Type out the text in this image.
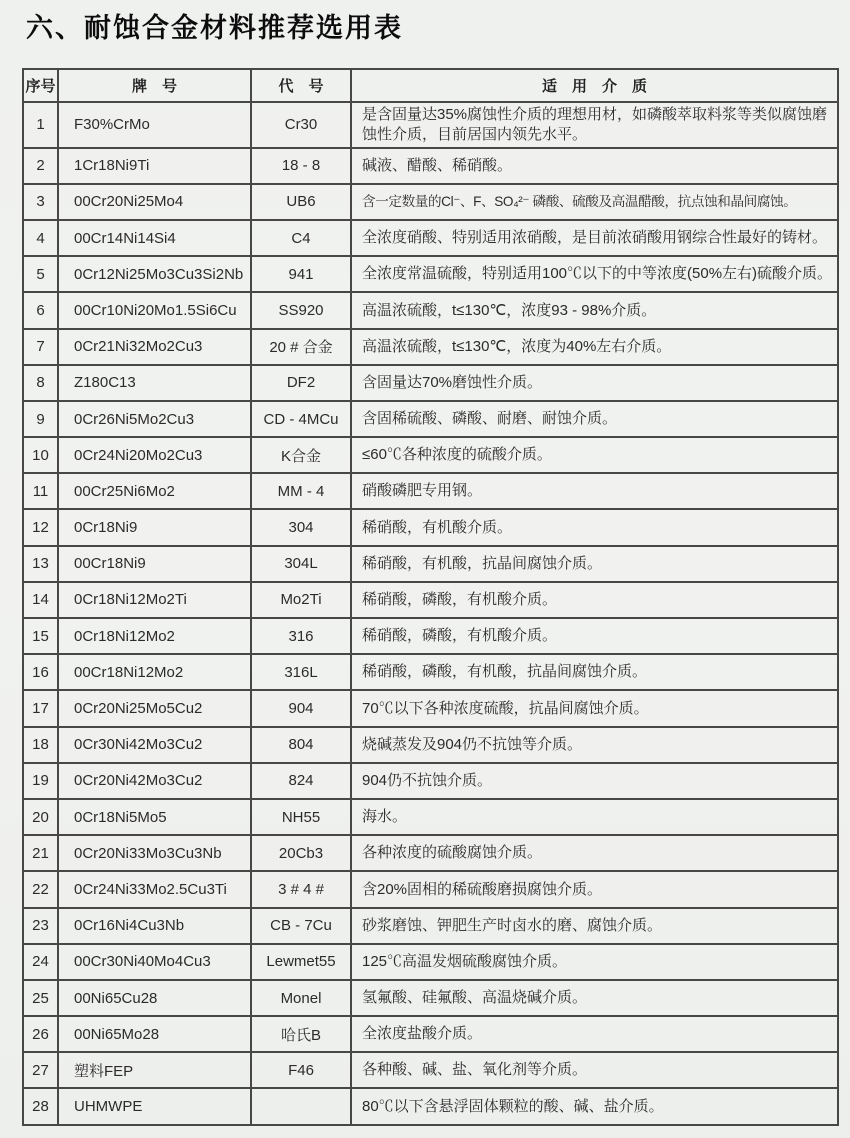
六、耐蚀合金材料推荐选用表
序号	牌　号	代　号	适　用　介　质
1	F30%CrMo	Cr30	是含固量达35%腐蚀性介质的理想用材，如磷酸萃取料浆等类似腐蚀磨蚀性介质，目前居国内领先水平。
2	1Cr18Ni9Ti	18 - 8	碱液、醋酸、稀硝酸。
3	00Cr20Ni25Mo4	UB6	含一定数量的Cl⁻、F、SO₄²⁻ 磷酸、硫酸及高温醋酸，抗点蚀和晶间腐蚀。
4	00Cr14Ni14Si4	C4	全浓度硝酸、特别适用浓硝酸，是目前浓硝酸用钢综合性最好的铸材。
5	0Cr12Ni25Mo3Cu3Si2Nb	941	全浓度常温硫酸，特别适用100℃以下的中等浓度(50%左右)硫酸介质。
6	00Cr10Ni20Mo1.5Si6Cu	SS920	高温浓硫酸，t≤130℃，浓度93 - 98%介质。
7	0Cr21Ni32Mo2Cu3	20 # 合金	高温浓硫酸，t≤130℃，浓度为40%左右介质。
8	Z180C13	DF2	含固量达70%磨蚀性介质。
9	0Cr26Ni5Mo2Cu3	CD - 4MCu	含固稀硫酸、磷酸、耐磨、耐蚀介质。
10	0Cr24Ni20Mo2Cu3	K合金	≤60℃各种浓度的硫酸介质。
11	00Cr25Ni6Mo2	MM - 4	硝酸磷肥专用钢。
12	0Cr18Ni9	304	稀硝酸，有机酸介质。
13	00Cr18Ni9	304L	稀硝酸，有机酸，抗晶间腐蚀介质。
14	0Cr18Ni12Mo2Ti	Mo2Ti	稀硝酸，磷酸，有机酸介质。
15	0Cr18Ni12Mo2	316	稀硝酸，磷酸，有机酸介质。
16	00Cr18Ni12Mo2	316L	稀硝酸，磷酸，有机酸，抗晶间腐蚀介质。
17	0Cr20Ni25Mo5Cu2	904	70℃以下各种浓度硫酸，抗晶间腐蚀介质。
18	0Cr30Ni42Mo3Cu2	804	烧碱蒸发及904仍不抗蚀等介质。
19	0Cr20Ni42Mo3Cu2	824	904仍不抗蚀介质。
20	0Cr18Ni5Mo5	NH55	海水。
21	0Cr20Ni33Mo3Cu3Nb	20Cb3	各种浓度的硫酸腐蚀介质。
22	0Cr24Ni33Mo2.5Cu3Ti	3 # 4 #	含20%固相的稀硫酸磨损腐蚀介质。
23	0Cr16Ni4Cu3Nb	CB - 7Cu	砂浆磨蚀、钾肥生产时卤水的磨、腐蚀介质。
24	00Cr30Ni40Mo4Cu3	Lewmet55	125℃高温发烟硫酸腐蚀介质。
25	00Ni65Cu28	Monel	氢氟酸、硅氟酸、高温烧碱介质。
26	00Ni65Mo28	哈氏B	全浓度盐酸介质。
27	塑料FEP	F46	各种酸、碱、盐、氧化剂等介质。
28	UHMWPE		80℃以下含悬浮固体颗粒的酸、碱、盐介质。
